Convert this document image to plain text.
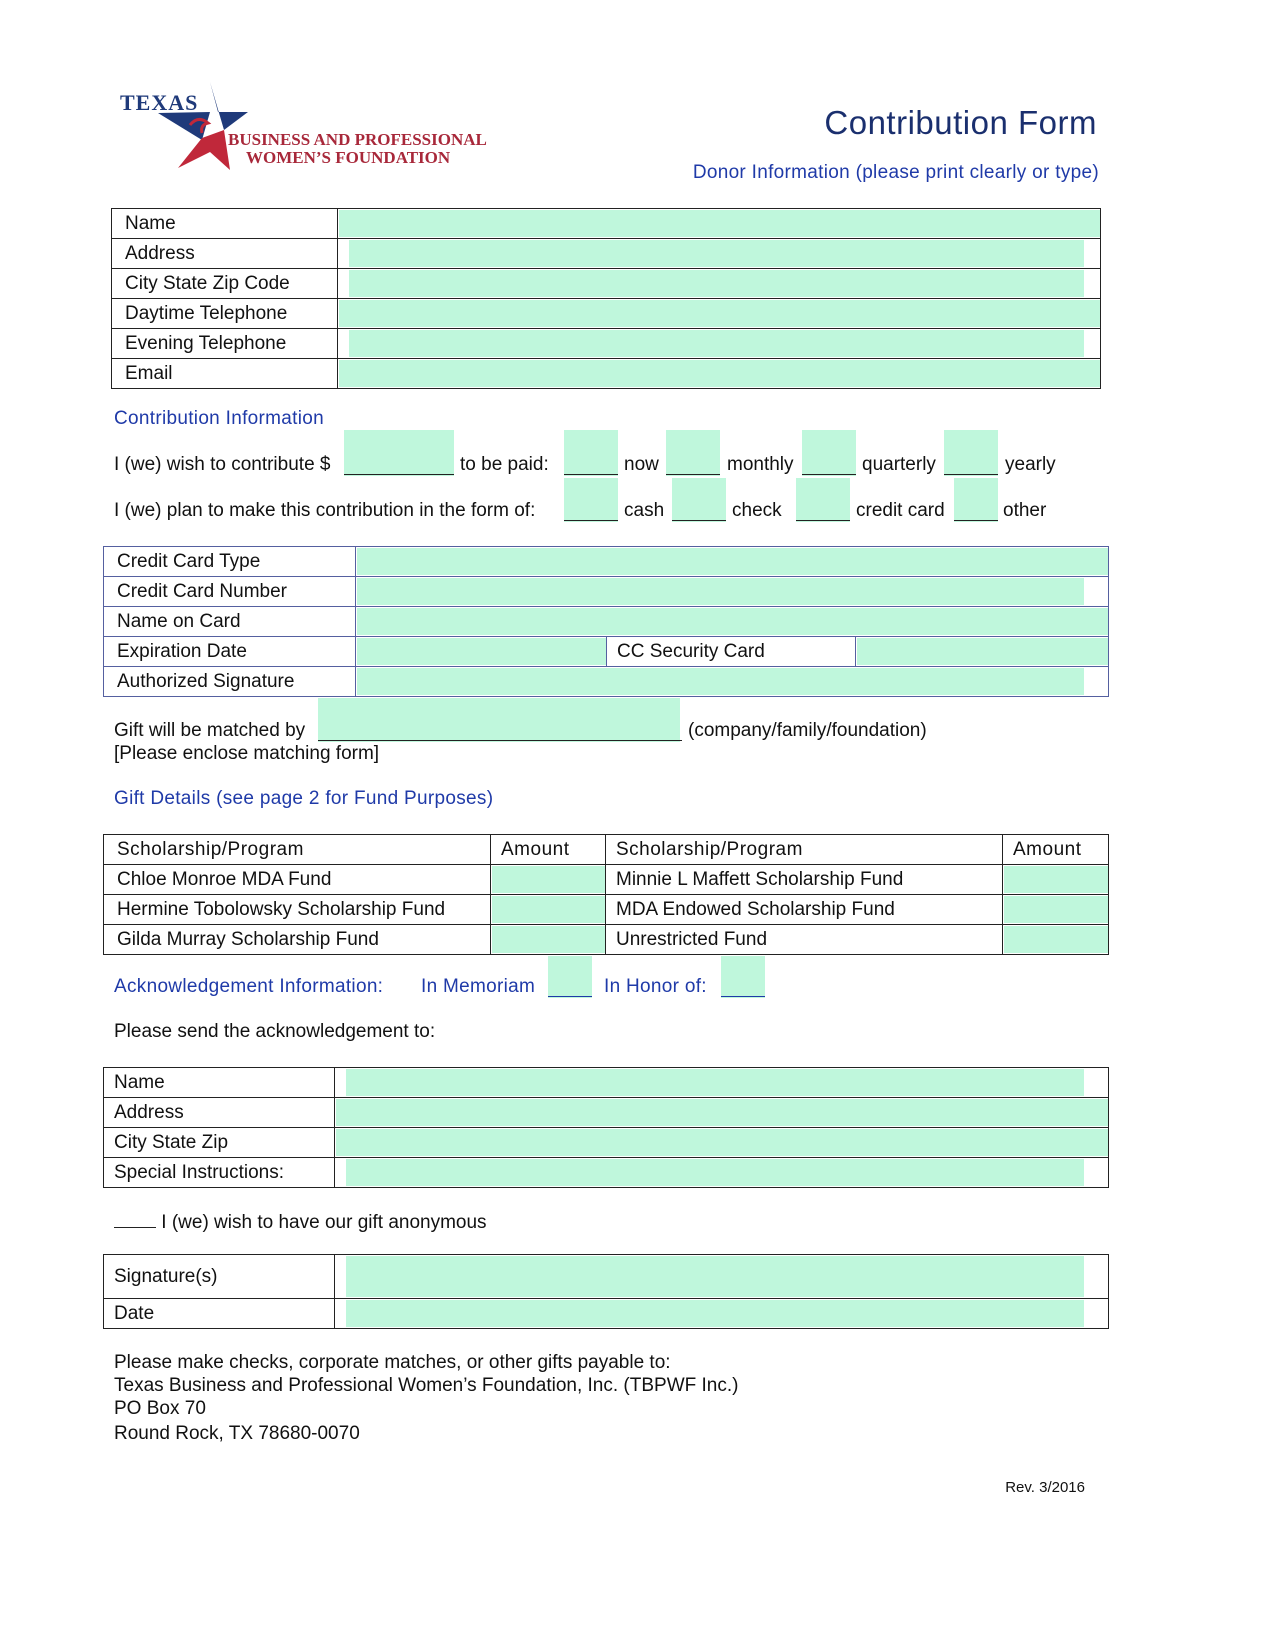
TEXAS
BUSINESS AND PROFESSIONAL
WOMEN’S FOUNDATION
Contribution Form
Donor Information (please print clearly or type)
Name	

Address	

City State Zip Code	

Daytime Telephone	

Evening Telephone	

Email	
Contribution Information
I (we) wish to contribute $	to be paid:	now	monthly	quarterly	yearly
I (we) plan to make this contribution in the form of:	cash	check	credit card	other
Credit Card Type			

Credit Card Number			

Name on Card			

Expiration Date		CC Security Card	

Authorized Signature			
Gift will be matched by	(company/family/foundation)
[Please enclose matching form]
Gift Details (see page 2 for Fund Purposes)
Scholarship/Program	Amount	Scholarship/Program	Amount
Chloe Monroe MDA Fund		Minnie L Maffett Scholarship Fund	

Hermine Tobolowsky Scholarship Fund		MDA Endowed Scholarship Fund	

Gilda Murray Scholarship Fund		Unrestricted Fund	
Acknowledgement Information: In Memoriam	In Honor of:
Please send the acknowledgement to:
Name	

Address	

City State Zip	

Special Instructions:	
I (we) wish to have our gift anonymous
Signature(s)	

Date	
Please make checks, corporate matches, or other gifts payable to:
Texas Business and Professional Women’s Foundation, Inc. (TBPWF Inc.)
PO Box 70
Round Rock, TX 78680-0070
Rev. 3/2016
